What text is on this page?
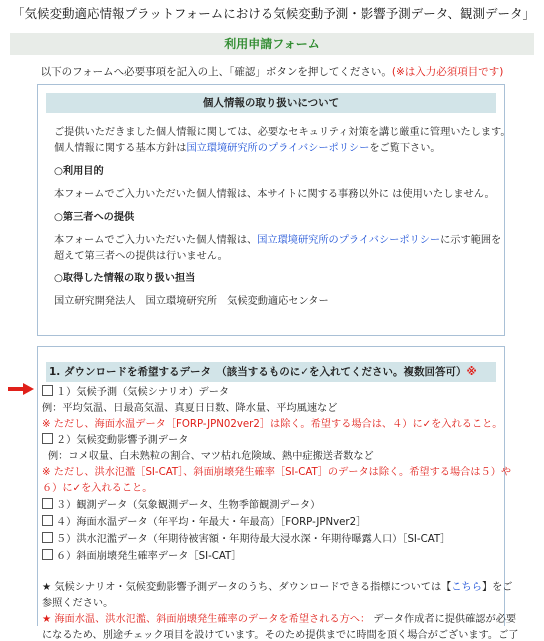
「気候変動適応情報プラットフォームにおける気候変動予測・影響予測データ、観測データ」
利用申請フォーム
以下のフォームへ必要事項を記入の上、「確認」ボタンを押してください。(※は入力必須項目です)
個人情報の取り扱いについて
ご提供いただきました個人情報に関しては、必要なセキュリティ対策を講じ厳重に管理いたします。
個人情報に関する基本方針は国立環境研究所のプライバシーポリシーをご覧下さい。
○利用目的
本フォームでご入力いただいた個人情報は、本サイトに関する事務以外に は使用いたしません。
○第三者への提供
本フォームでご入力いただいた個人情報は、国立環境研究所のプライバシーポリシーに示す範囲を
超えて第三者への提供は行いません。
○取得した情報の取り扱い担当
国立研究開発法人　国立環境研究所　気候変動適応センター
1. ダウンロードを希望するデータ　（該当するものに✓を入れてください。複数回答可）※
１）気候予測（気候シナリオ）データ
例：平均気温、日最高気温、真夏日日数、降水量、平均風速など
※ ただし、海面水温データ［FORP-JPN02ver2］は除く。希望する場合は、４）に✓を入れること。
２）気候変動影響予測データ
例：コメ収量、白未熟粒の割合、マツ枯れ危険域、熱中症搬送者数など
※ ただし、洪水氾濫［SI-CAT］、斜面崩壊発生確率［SI-CAT］のデータは除く。希望する場合は５）や
６）に✓を入れること。
３）観測データ（気象観測データ、生物季節観測データ）
４）海面水温データ（年平均・年最大・年最高）［FORP-JPNver2］
５）洪水氾濫データ（年期待被害額・年期待最大浸水深・年期待曝露人口）［SI-CAT］
６）斜面崩壊発生確率データ［SI-CAT］
★ 気候シナリオ・気候変動影響予測データのうち、ダウンロードできる指標については【こちら】をご
参照ください。
★ 海面水温、洪水氾濫、斜面崩壊発生確率のデータを希望される方へ： データ作成者に提供確認が必要
になるため、別途チェック項目を設けています。そのため提供までに時間を頂く場合がございます。ご了
